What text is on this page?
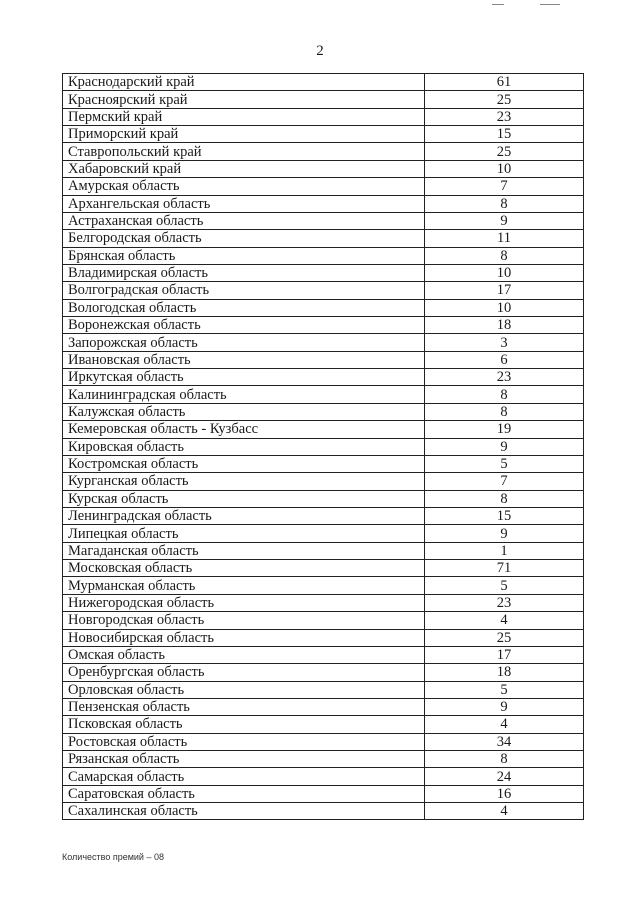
2
Краснодарский край	61
Красноярский край	25
Пермский край	23
Приморский край	15
Ставропольский край	25
Хабаровский край	10
Амурская область	7
Архангельская область	8
Астраханская область	9
Белгородская область	11
Брянская область	8
Владимирская область	10
Волгоградская область	17
Вологодская область	10
Воронежская область	18
Запорожская область	3
Ивановская область	6
Иркутская область	23
Калининградская область	8
Калужская область	8
Кемеровская область - Кузбасс	19
Кировская область	9
Костромская область	5
Курганская область	7
Курская область	8
Ленинградская область	15
Липецкая область	9
Магаданская область	1
Московская область	71
Мурманская область	5
Нижегородская область	23
Новгородская область	4
Новосибирская область	25
Омская область	17
Оренбургская область	18
Орловская область	5
Пензенская область	9
Псковская область	4
Ростовская область	34
Рязанская область	8
Самарская область	24
Саратовская область	16
Сахалинская область	4
Количество премий – 08
